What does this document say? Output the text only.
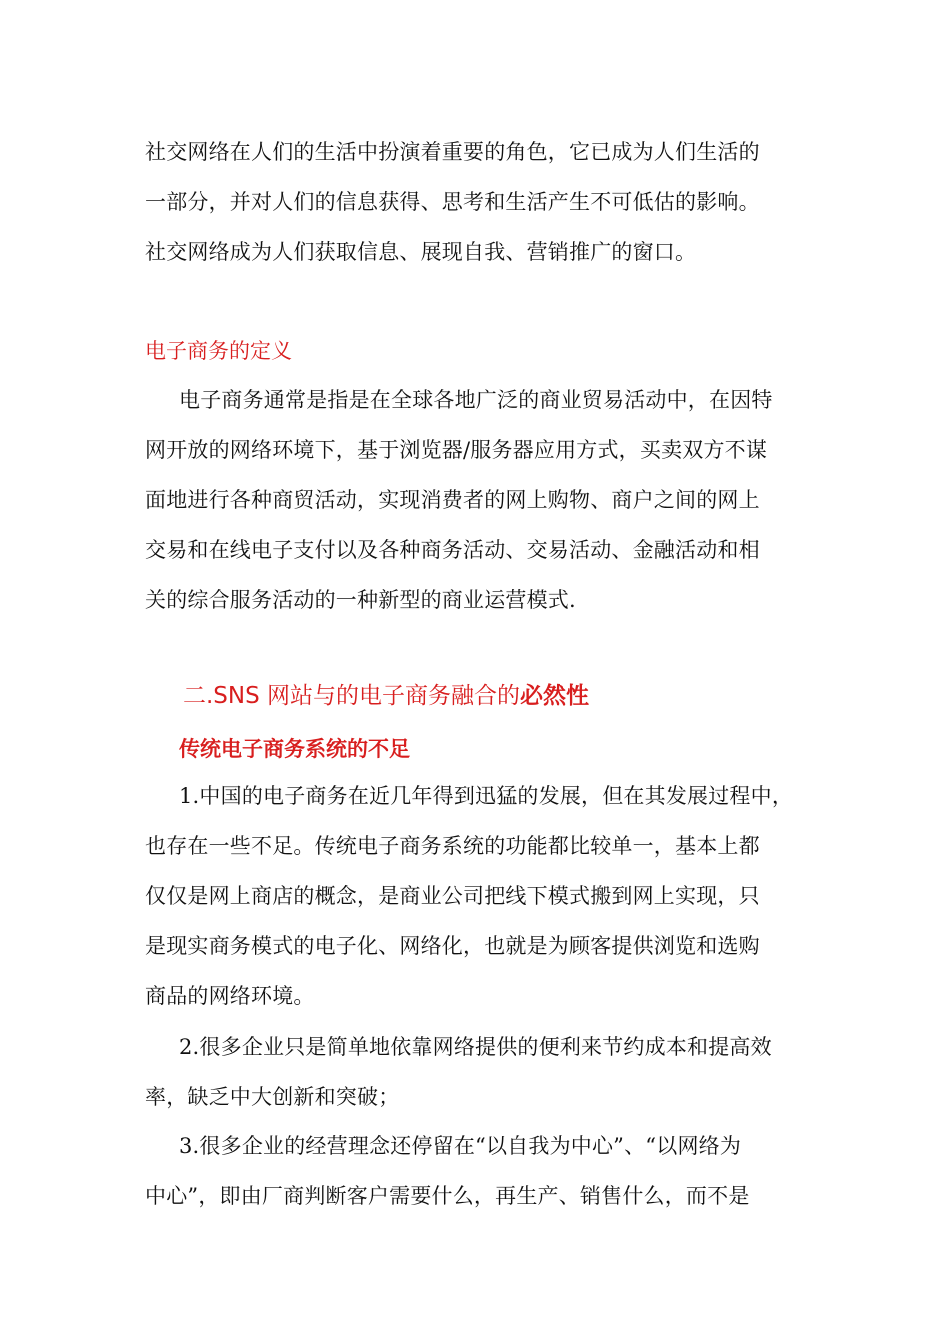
社交网络在人们的生活中扮演着重要的角色，它已成为人们生活的
一部分，并对人们的信息获得、思考和生活产生不可低估的影响。
社交网络成为人们获取信息、展现自我、营销推广的窗口。

电子商务的定义

电子商务通常是指是在全球各地广泛的商业贸易活动中，在因特
网开放的网络环境下，基于浏览器/服务器应用方式，买卖双方不谋
面地进行各种商贸活动，实现消费者的网上购物、商户之间的网上
交易和在线电子支付以及各种商务活动、交易活动、金融活动和相
关的综合服务活动的一种新型的商业运营模式.

二.SNS 网站与的电子商务融合的必然性
传统电子商务系统的不足

1.中国的电子商务在近几年得到迅猛的发展，但在其发展过程中，
也存在一些不足。传统电子商务系统的功能都比较单一，基本上都
仅仅是网上商店的概念，是商业公司把线下模式搬到网上实现，只
是现实商务模式的电子化、网络化，也就是为顾客提供浏览和选购
商品的网络环境。

2.很多企业只是简单地依靠网络提供的便利来节约成本和提高效
率，缺乏中大创新和突破；

3.很多企业的经营理念还停留在“以自我为中心”、“以网络为
中心”，即由厂商判断客户需要什么，再生产、销售什么，而不是
